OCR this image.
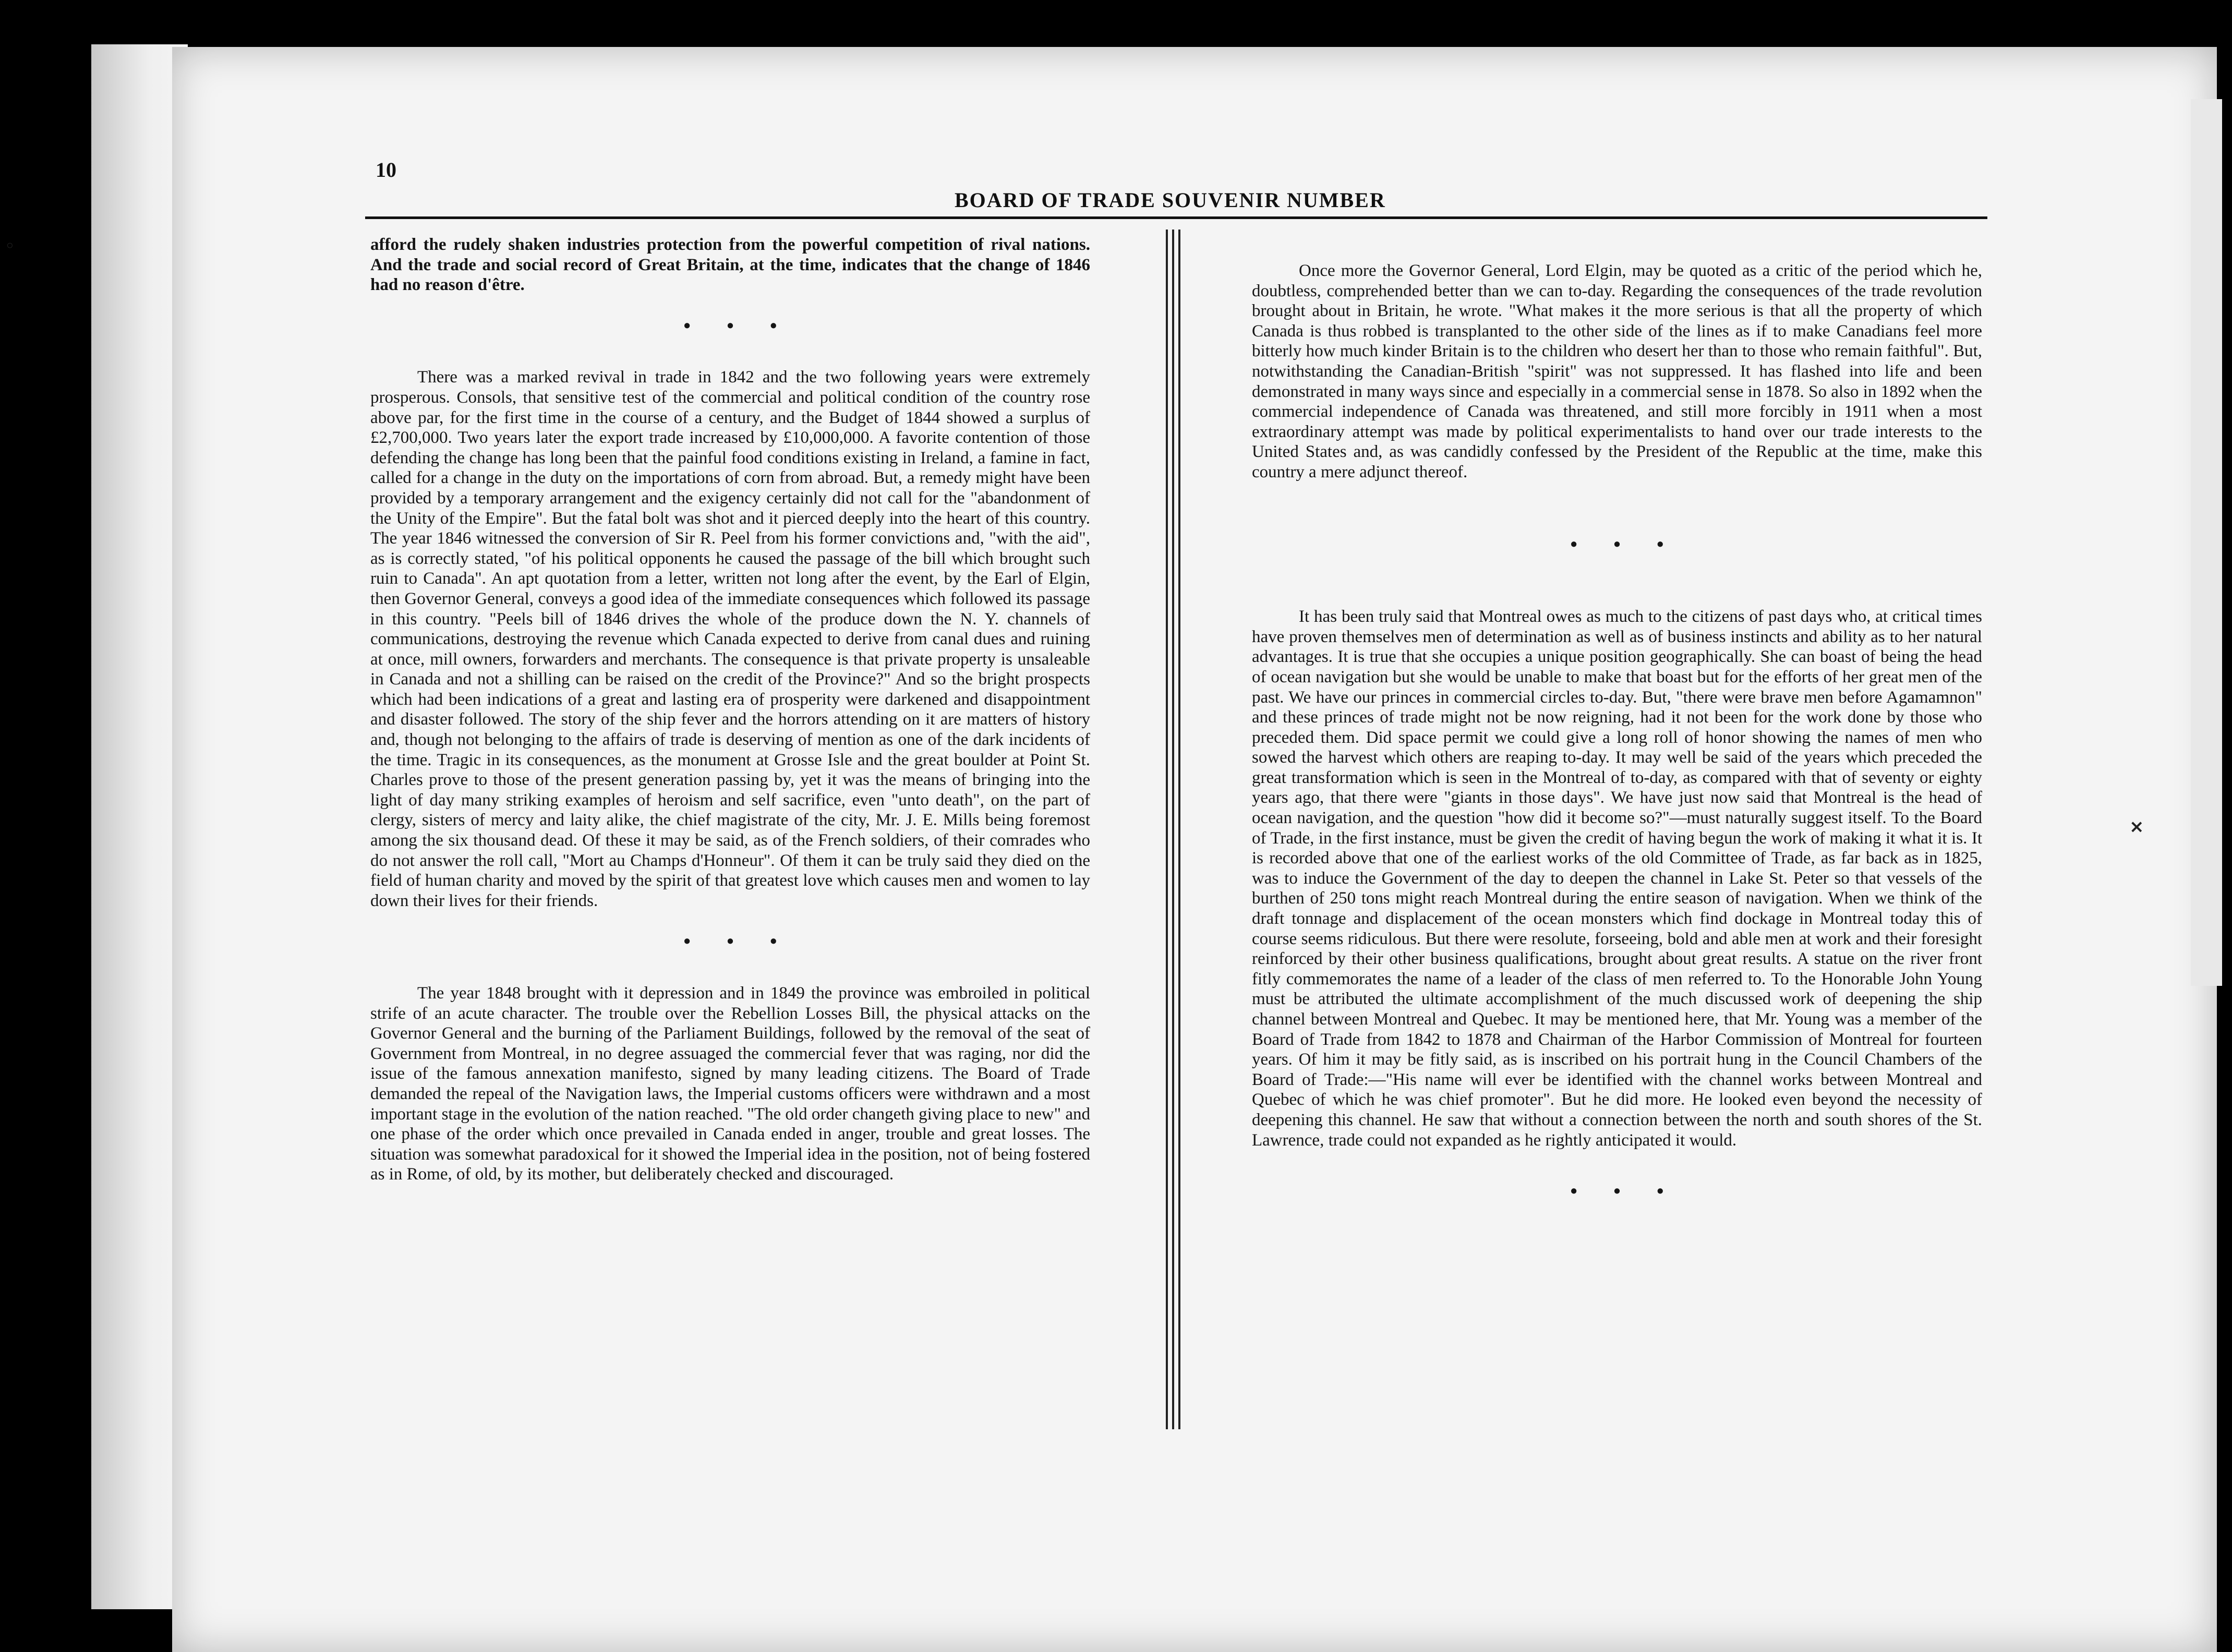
◦
×
10
BOARD OF TRADE SOUVENIR NUMBER

afford the rudely shaken industries protection from the powerful competition of rival nations. And the trade and social record of Great Britain, at the time, indicates that the change of 1846 had no reason d'être.

• • •

There was a marked revival in trade in 1842 and the two following years were extremely prosperous. Consols, that sensitive test of the commercial and political condition of the country rose above par, for the first time in the course of a century, and the Budget of 1844 showed a surplus of £2,700,000. Two years later the export trade increased by £10,000,000. A favorite contention of those defending the change has long been that the painful food conditions existing in Ireland, a famine in fact, called for a change in the duty on the importations of corn from abroad. But, a remedy might have been provided by a temporary arrangement and the exigency certainly did not call for the "abandonment of the Unity of the Empire". But the fatal bolt was shot and it pierced deeply into the heart of this country. The year 1846 witnessed the conversion of Sir R. Peel from his former convictions and, "with the aid", as is correctly stated, "of his political opponents he caused the passage of the bill which brought such ruin to Canada". An apt quotation from a letter, written not long after the event, by the Earl of Elgin, then Governor General, conveys a good idea of the immediate consequences which followed its passage in this country. "Peels bill of 1846 drives the whole of the produce down the N. Y. channels of communications, destroying the revenue which Canada expected to derive from canal dues and ruining at once, mill owners, forwarders and merchants. The consequence is that private property is unsaleable in Canada and not a shilling can be raised on the credit of the Province?" And so the bright prospects which had been indications of a great and lasting era of prosperity were darkened and disappointment and disaster followed. The story of the ship fever and the horrors attending on it are matters of history and, though not belonging to the affairs of trade is deserving of mention as one of the dark incidents of the time. Tragic in its consequences, as the monument at Grosse Isle and the great boulder at Point St. Charles prove to those of the present generation passing by, yet it was the means of bringing into the light of day many striking examples of heroism and self sacrifice, even "unto death", on the part of clergy, sisters of mercy and laity alike, the chief magistrate of the city, Mr. J. E. Mills being foremost among the six thousand dead. Of these it may be said, as of the French soldiers, of their comrades who do not answer the roll call, "Mort au Champs d'Honneur". Of them it can be truly said they died on the field of human charity and moved by the spirit of that greatest love which causes men and women to lay down their lives for their friends.

• • •

The year 1848 brought with it depression and in 1849 the province was embroiled in political strife of an acute character. The trouble over the Rebellion Losses Bill, the physical attacks on the Governor General and the burning of the Parliament Buildings, followed by the removal of the seat of Government from Montreal, in no degree assuaged the commercial fever that was raging, nor did the issue of the famous annexation manifesto, signed by many leading citizens. The Board of Trade demanded the repeal of the Navigation laws, the Imperial customs officers were withdrawn and a most important stage in the evolution of the nation reached. "The old order changeth giving place to new" and one phase of the order which once prevailed in Canada ended in anger, trouble and great losses. The situation was somewhat paradoxical for it showed the Imperial idea in the position, not of being fostered as in Rome, of old, by its mother, but deliberately checked and discouraged.

Once more the Governor General, Lord Elgin, may be quoted as a critic of the period which he, doubtless, comprehended better than we can to-day. Regarding the consequences of the trade revolution brought about in Britain, he wrote. "What makes it the more serious is that all the property of which Canada is thus robbed is transplanted to the other side of the lines as if to make Canadians feel more bitterly how much kinder Britain is to the children who desert her than to those who remain faithful". But, notwithstanding the Canadian-British "spirit" was not suppressed. It has flashed into life and been demonstrated in many ways since and especially in a commercial sense in 1878. So also in 1892 when the commercial independence of Canada was threatened, and still more forcibly in 1911 when a most extraordinary attempt was made by political experimentalists to hand over our trade interests to the United States and, as was candidly confessed by the President of the Republic at the time, make this country a mere adjunct thereof.

• • •

It has been truly said that Montreal owes as much to the citizens of past days who, at critical times have proven themselves men of determination as well as of business instincts and ability as to her natural advantages. It is true that she occupies a unique position geographically. She can boast of being the head of ocean navigation but she would be unable to make that boast but for the efforts of her great men of the past. We have our princes in commercial circles to-day. But, "there were brave men before Agamamnon" and these princes of trade might not be now reigning, had it not been for the work done by those who preceded them. Did space permit we could give a long roll of honor showing the names of men who sowed the harvest which others are reaping to-day. It may well be said of the years which preceded the great transformation which is seen in the Montreal of to-day, as compared with that of seventy or eighty years ago, that there were "giants in those days". We have just now said that Montreal is the head of ocean navigation, and the question "how did it become so?"—must naturally suggest itself. To the Board of Trade, in the first instance, must be given the credit of having begun the work of making it what it is. It is recorded above that one of the earliest works of the old Committee of Trade, as far back as in 1825, was to induce the Government of the day to deepen the channel in Lake St. Peter so that vessels of the burthen of 250 tons might reach Montreal during the entire season of navigation. When we think of the draft tonnage and displacement of the ocean monsters which find dockage in Montreal today this of course seems ridiculous. But there were resolute, forseeing, bold and able men at work and their foresight reinforced by their other business qualifications, brought about great results. A statue on the river front fitly commemorates the name of a leader of the class of men referred to. To the Honorable John Young must be attributed the ultimate accomplishment of the much discussed work of deepening the ship channel between Montreal and Quebec. It may be mentioned here, that Mr. Young was a member of the Board of Trade from 1842 to 1878 and Chairman of the Harbor Commission of Montreal for fourteen years. Of him it may be fitly said, as is inscribed on his portrait hung in the Council Chambers of the Board of Trade:—"His name will ever be identified with the channel works between Montreal and Quebec of which he was chief promoter". But he did more. He looked even beyond the necessity of deepening this channel. He saw that without a connection between the north and south shores of the St. Lawrence, trade could not expanded as he rightly anticipated it would.

• • •
